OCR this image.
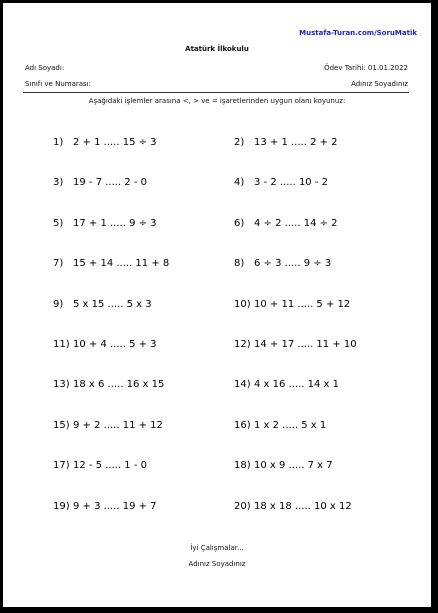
Mustafa-Turan.com/SoruMatik
Atatürk İlkokulu
Adı Soyadı:	Ödev Tarihi: 01.01.2022
Sınıfı ve Numarası:	Adınız Soyadınız
Aşağıdaki işlemler arasına <, > ve = işaretlerinden uygun olanı koyunuz:
1) 2 + 1 ..... 15 ÷ 3	2) 13 + 1 ..... 2 + 2
3) 19 - 7 ..... 2 - 0	4) 3 - 2 ..... 10 - 2
5) 17 + 1 ..... 9 ÷ 3	6) 4 ÷ 2 ..... 14 ÷ 2
7) 15 + 14 ..... 11 + 8	8) 6 ÷ 3 ..... 9 ÷ 3
9) 5 x 15 ..... 5 x 3	10) 10 + 11 ..... 5 + 12
11) 10 + 4 ..... 5 + 3	12) 14 + 17 ..... 11 + 10
13) 18 x 6 ..... 16 x 15	14) 4 x 16 ..... 14 x 1
15) 9 + 2 ..... 11 + 12	16) 1 x 2 ..... 5 x 1
17) 12 - 5 ..... 1 - 0	18) 10 x 9 ..... 7 x 7
19) 9 + 3 ..... 19 + 7	20) 18 x 18 ..... 10 x 12
İyi Çalışmalar...
Adınız Soyadınız
